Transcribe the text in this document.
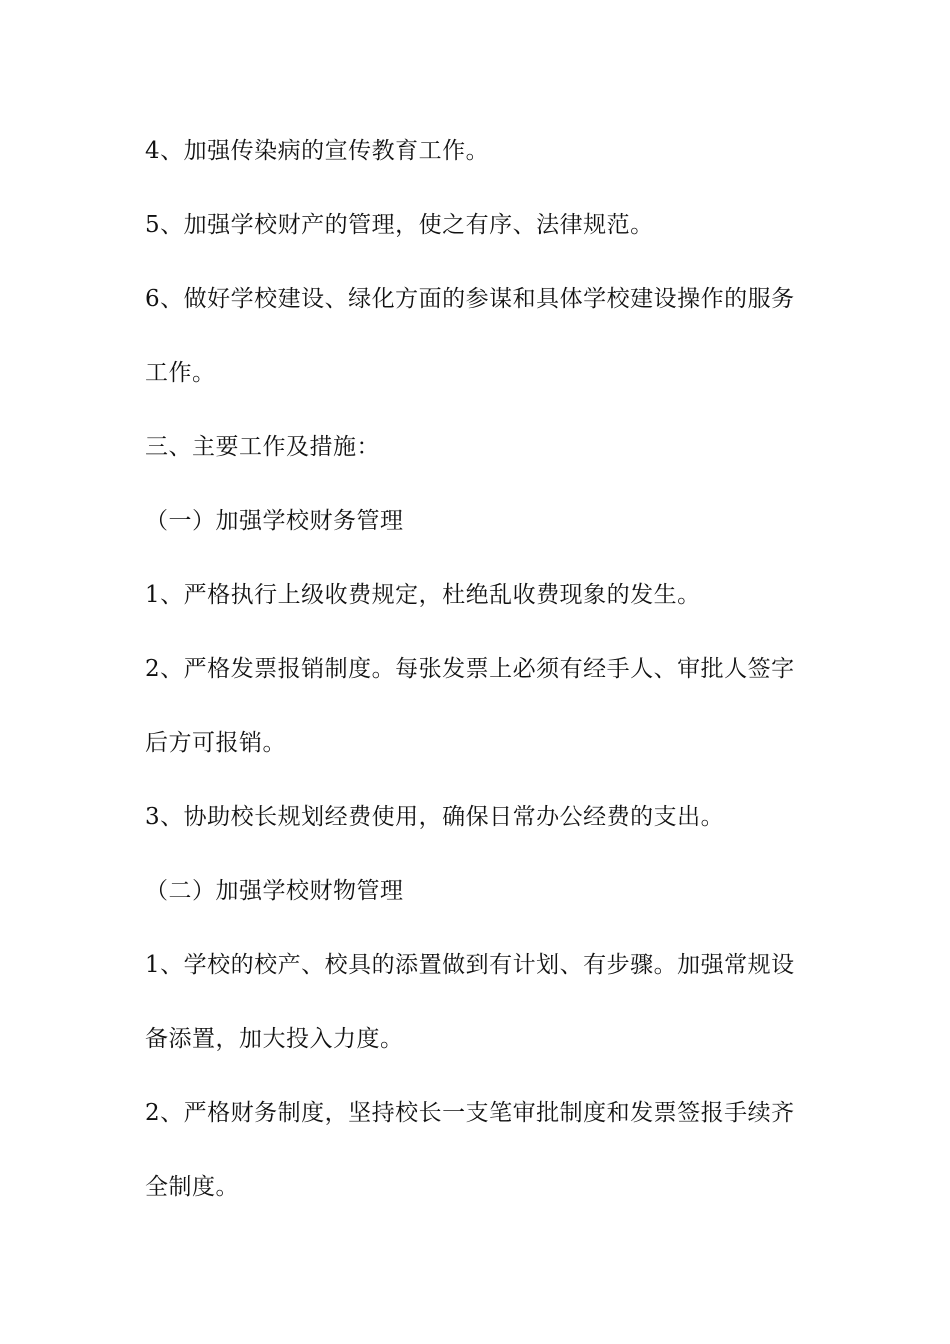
4、加强传染病的宣传教育工作。
5、加强学校财产的管理，使之有序、法律规范。
6、做好学校建设、绿化方面的参谋和具体学校建设操作的服务
工作。
三、主要工作及措施：
（一）加强学校财务管理
1、严格执行上级收费规定，杜绝乱收费现象的发生。
2、严格发票报销制度。每张发票上必须有经手人、审批人签字
后方可报销。
3、协助校长规划经费使用，确保日常办公经费的支出。
（二）加强学校财物管理
1、学校的校产、校具的添置做到有计划、有步骤。加强常规设
备添置，加大投入力度。
2、严格财务制度，坚持校长一支笔审批制度和发票签报手续齐
全制度。
